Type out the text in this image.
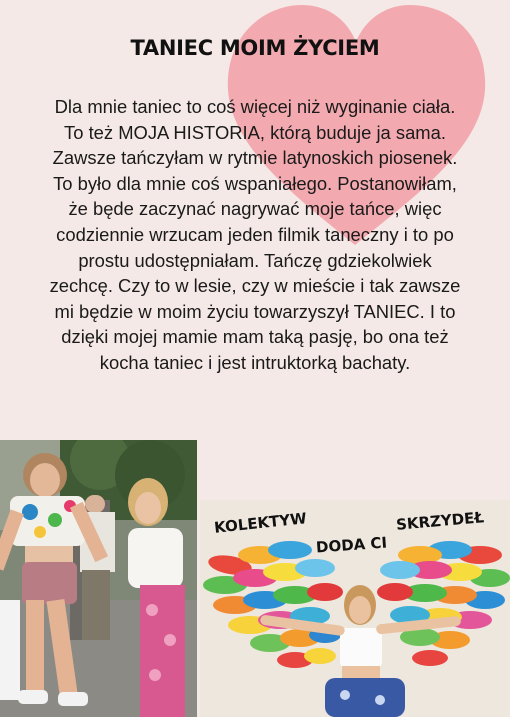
TANIEC MOIM ŻYCIEM
Dla mnie taniec to coś więcej niż wyginanie ciała.
To też MOJA HISTORIA, którą buduje ja sama.
Zawsze tańczyłam w rytmie latynoskich piosenek.
To było dla mnie coś wspaniałego. Postanowiłam,
że będe zaczynać nagrywać moje tańce, więc
codziennie wrzucam jeden filmik taneczny i to po
prostu udostępniałam. Tańczę gdziekolwiek
zechcę. Czy to w lesie, czy w mieście i tak zawsze
mi będzie w moim życiu towarzyszył TANIEC. I to
dzięki mojej mamie mam taką pasję, bo ona też
kocha taniec i jest intruktorką bachaty.
KOLEKTYW
DODA CI
SKRZYDEŁ
